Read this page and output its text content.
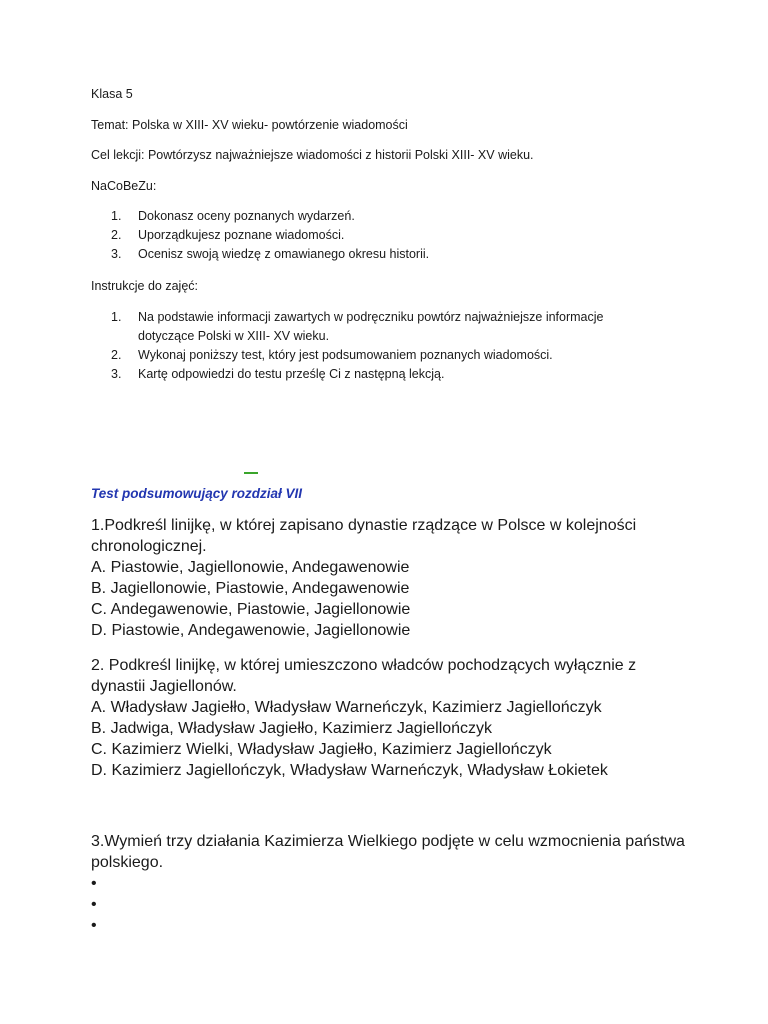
Klasa 5
Temat: Polska w XIII- XV wieku- powtórzenie wiadomości
Cel lekcji: Powtórzysz najważniejsze wiadomości z historii Polski XIII- XV wieku.
NaCoBeZu:
1. Dokonasz oceny poznanych wydarzeń.
2. Uporządkujesz poznane wiadomości.
3. Ocenisz swoją wiedzę z omawianego okresu historii.
Instrukcje do zajęć:
1. Na podstawie informacji zawartych w podręczniku powtórz najważniejsze informacje dotyczące Polski w XIII- XV wieku.
2. Wykonaj poniższy test, który jest podsumowaniem poznanych wiadomości.
3. Kartę odpowiedzi do testu prześlę Ci z następną lekcją.
Test podsumowujący rozdział VII

1.Podkreśl linijkę, w której zapisano dynastie rządzące w Polsce w kolejności chronologicznej.

A. Piastowie, Jagiellonowie, Andegawenowie

B. Jagiellonowie, Piastowie, Andegawenowie

C. Andegawenowie, Piastowie, Jagiellonowie

D. Piastowie, Andegawenowie, Jagiellonowie

2. Podkreśl linijkę, w której umieszczono władców pochodzących wyłącznie z dynastii Jagiellonów.

A. Władysław Jagiełło, Władysław Warneńczyk, Kazimierz Jagiellończyk

B. Jadwiga, Władysław Jagiełło, Kazimierz Jagiellończyk

C. Kazimierz Wielki, Władysław Jagiełło, Kazimierz Jagiellończyk

D. Kazimierz Jagiellończyk, Władysław Warneńczyk, Władysław Łokietek

3.Wymień trzy działania Kazimierza Wielkiego podjęte w celu wzmocnienia państwa polskiego.

•
•
•
